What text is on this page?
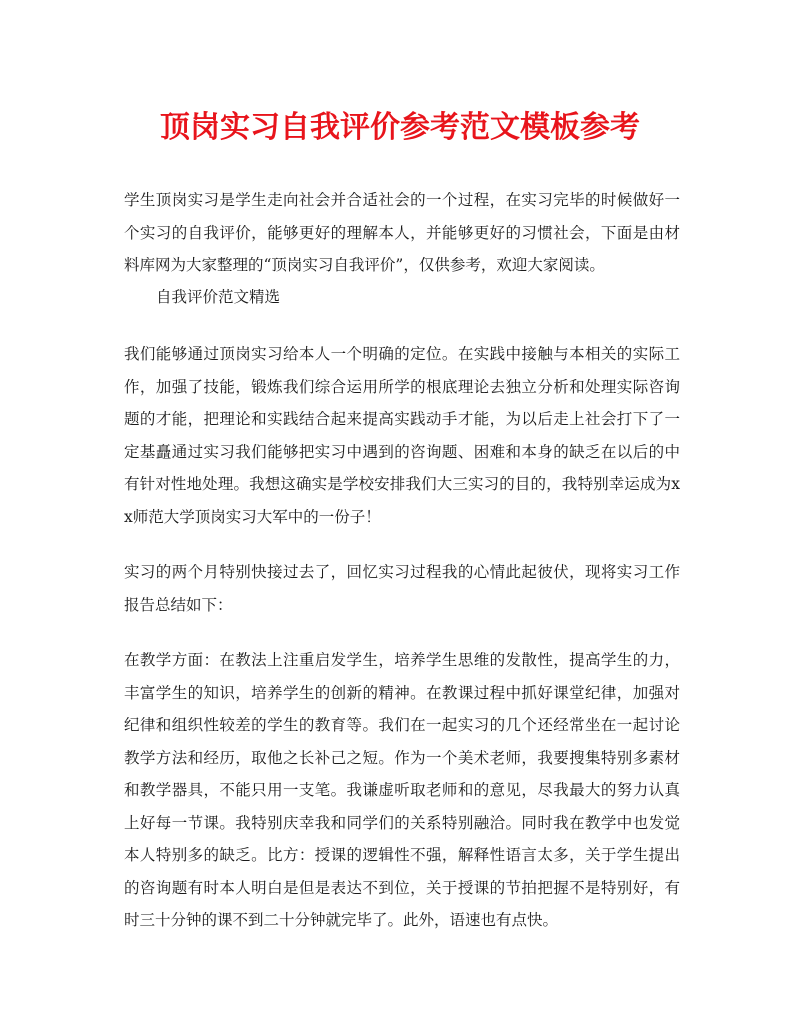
顶岗实习自我评价参考范文模板参考

学生顶岗实习是学生走向社会并合适社会的一个过程，在实习完毕的时候做好一个实习的自我评价，能够更好的理解本人，并能够更好的习惯社会，下面是由材料库网为大家整理的“顶岗实习自我评价”，仅供参考，欢迎大家阅读。

自我评价范文精选

我们能够通过顶岗实习给本人一个明确的定位。在实践中接触与本相关的实际工作，加强了技能，锻炼我们综合运用所学的根底理论去独立分析和处理实际咨询题的才能，把理论和实践结合起来提高实践动手才能，为以后走上社会打下了一定基矗通过实习我们能够把实习中遇到的咨询题、困难和本身的缺乏在以后的中有针对性地处理。我想这确实是学校安排我们大三实习的目的，我特别幸运成为xx师范大学顶岗实习大军中的一份子！

实习的两个月特别快接过去了，回忆实习过程我的心情此起彼伏，现将实习工作报告总结如下：

在教学方面：在教法上注重启发学生，培养学生思维的发散性，提高学生的力，丰富学生的知识，培养学生的创新的精神。在教课过程中抓好课堂纪律，加强对纪律和组织性较差的学生的教育等。我们在一起实习的几个还经常坐在一起讨论教学方法和经历，取他之长补己之短。作为一个美术老师，我要搜集特别多素材和教学器具，不能只用一支笔。我谦虚听取老师和的意见，尽我最大的努力认真上好每一节课。我特别庆幸我和同学们的关系特别融洽。同时我在教学中也发觉本人特别多的缺乏。比方：授课的逻辑性不强，解释性语言太多，关于学生提出的咨询题有时本人明白是但是表达不到位，关于授课的节拍把握不是特别好，有时三十分钟的课不到二十分钟就完毕了。此外，语速也有点快。
